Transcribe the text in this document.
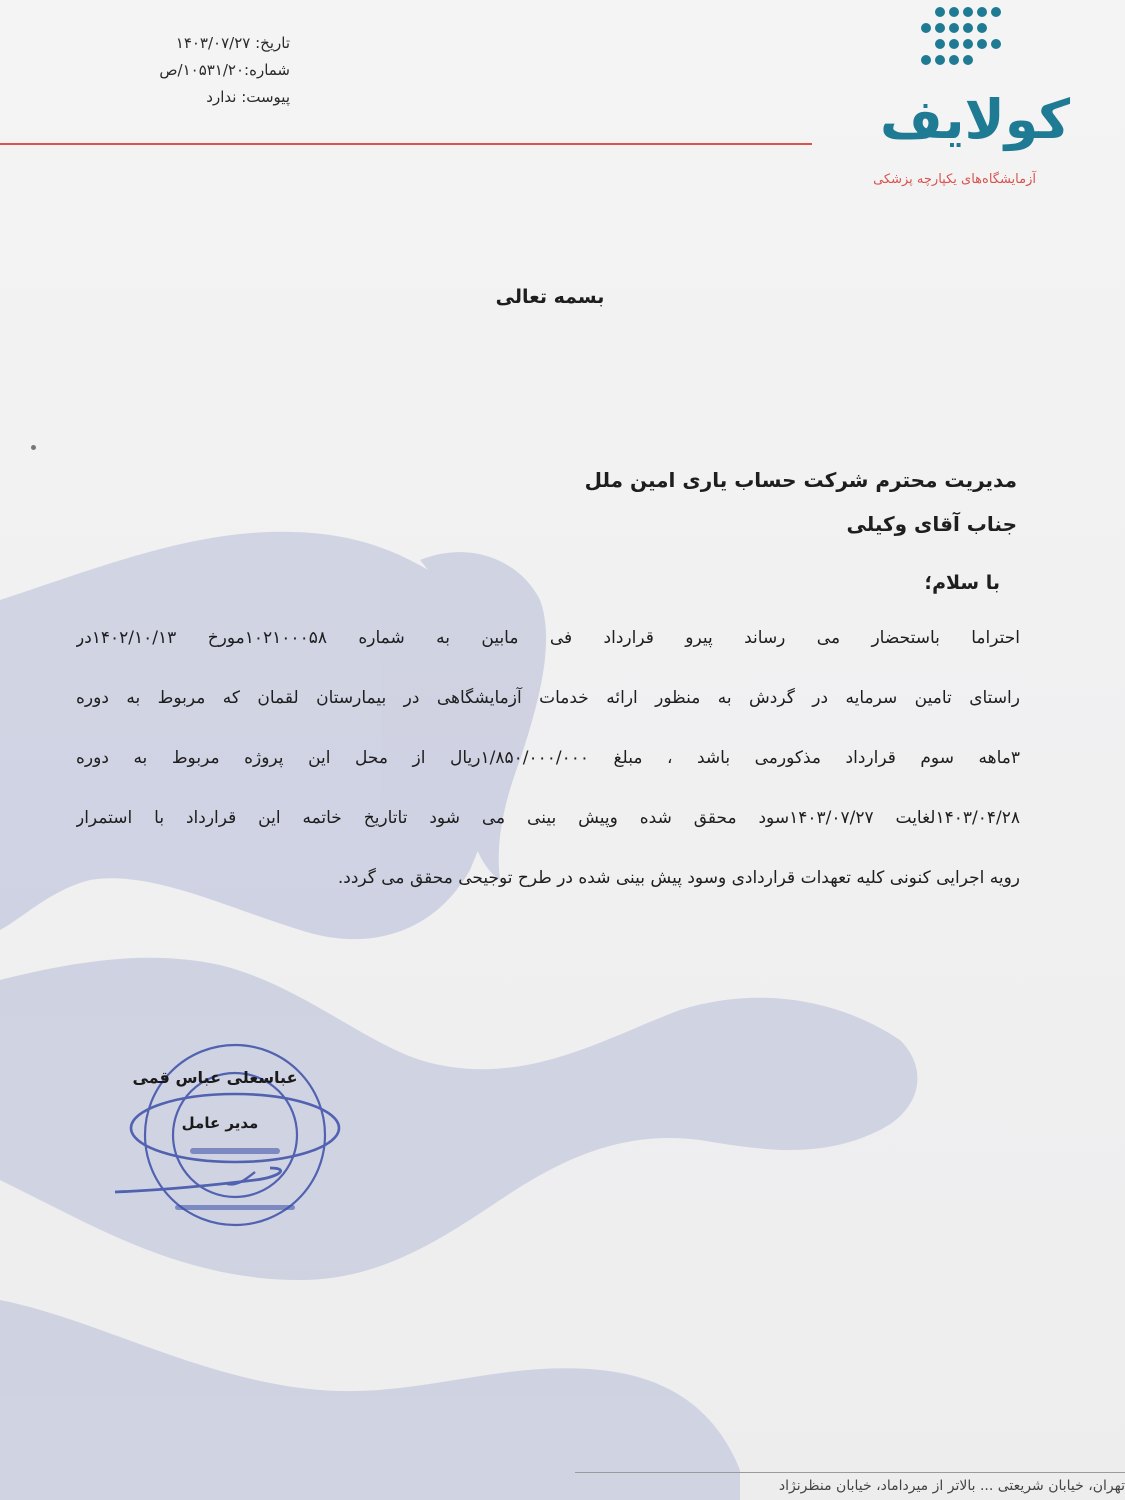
تاریخ: ۱۴۰۳/۰۷/۲۷
شماره:۱۰۵۳۱/۲۰/ص
پیوست: ندارد	کولایف
آزمایشگاه‌های یکپارچه پزشکی
بسمه تعالی
مدیریت محترم شرکت حساب یاری امین ملل
جناب آقای وکیلی
با سلام؛
احتراما باستحضار می رساند پیرو قرارداد فی مابین به شماره ۱۰۲۱۰۰۰۵۸مورخ ۱۴۰۲/۱۰/۱۳در
راستای تامین سرمایه در گردش به منظور ارائه خدمات آزمایشگاهی در بیمارستان لقمان که مربوط به دوره
۳ماهه سوم قرارداد مذکورمی باشد ، مبلغ ۱/۸۵۰/۰۰۰/۰۰۰ریال از محل این پروژه مربوط به دوره
۱۴۰۳/۰۴/۲۸لغایت ۱۴۰۳/۰۷/۲۷سود محقق شده وپیش بینی می شود تاتاریخ خاتمه این قرارداد با استمرار
رویه اجرایی کنونی کلیه تعهدات قراردادی وسود پیش بینی شده در طرح توجیحی محقق می گردد.
عباسعلی عباس قمی
مدیر عامل
تهران، خیابان شریعتی ... بالاتر از میرداماد، خیابان منظرنژاد
